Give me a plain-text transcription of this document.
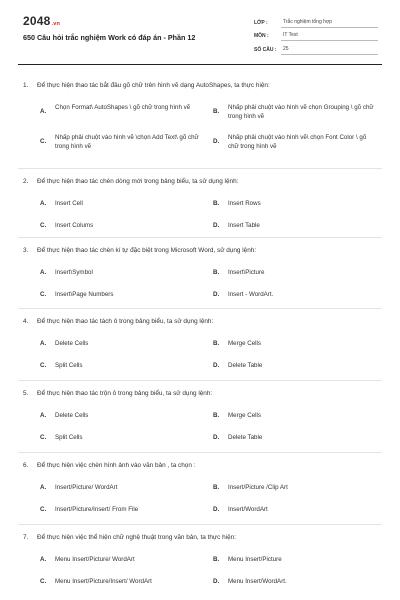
2048.vn
650 Câu hỏi trắc nghiệm Work có đáp án - Phần 12
LỚP :	Trắc nghiệm tổng hợp
MÔN :	IT Test
SỐ CÂU :	25
1. Để thực hiện thao tác bắt đầu gõ chữ trên hình vẽ dạng AutoShapes, ta thực hiện:
A.
Chọn Format\ AutoShapes \ gõ chữ trong hình vẽ
B.
Nhấp phải chuột vào hình vẽ chọn Grouping \ gõ chữ trong hình vẽ
C.
Nhấp phải chuột vào hình vẽ \chọn Add Text\ gõ chữ trong hình vẽ
D.
Nhấp phải chuột vào hình vẽ\ chọn Font Color \ gõ chữ trong hình vẽ
2. Để thực hiện thao tác chèn dòng mới trong bảng biểu, ta sử dụng lệnh:
A. Insert Cell	B. Insert Rows
C. Insert Colums	D. Insert Table
3. Để thực hiện thao tác chèn kí tự đặc biệt trong Microsoft Word, sử dụng lệnh:
A. Insert\Symbol	B. Insert\Picture
C. Insert\Page Numbers	D. Insert - WordArt.
4. Để thực hiện thao tác tách ô trong bảng biểu, ta sử dụng lệnh:
A. Delete Cells	B. Merge Cells
C. Split Cells	D. Delete Table
5. Để thực hiện thao tác trộn ô trong bảng biểu, ta sử dụng lệnh:
A. Delete Cells	B. Merge Cells
C. Split Cells	D. Delete Table
6. Để thực hiện việc chèn hình ảnh vào văn bản , ta chọn :
A. Insert/Picture/ WordArt	B. Insert/Picture /Clip Art
C. Insert/Picture/Insert/ From File	D. Insert/WordArt
7. Để thực hiện việc thể hiện chữ nghệ thuật trong văn bản, ta thực hiện:
A. Menu Insert/Picture/ WordArt	B. Menu Insert/Picture
C. Menu Insert/Picture/Insert/ WordArt	D. Menu Insert/WordArt.
